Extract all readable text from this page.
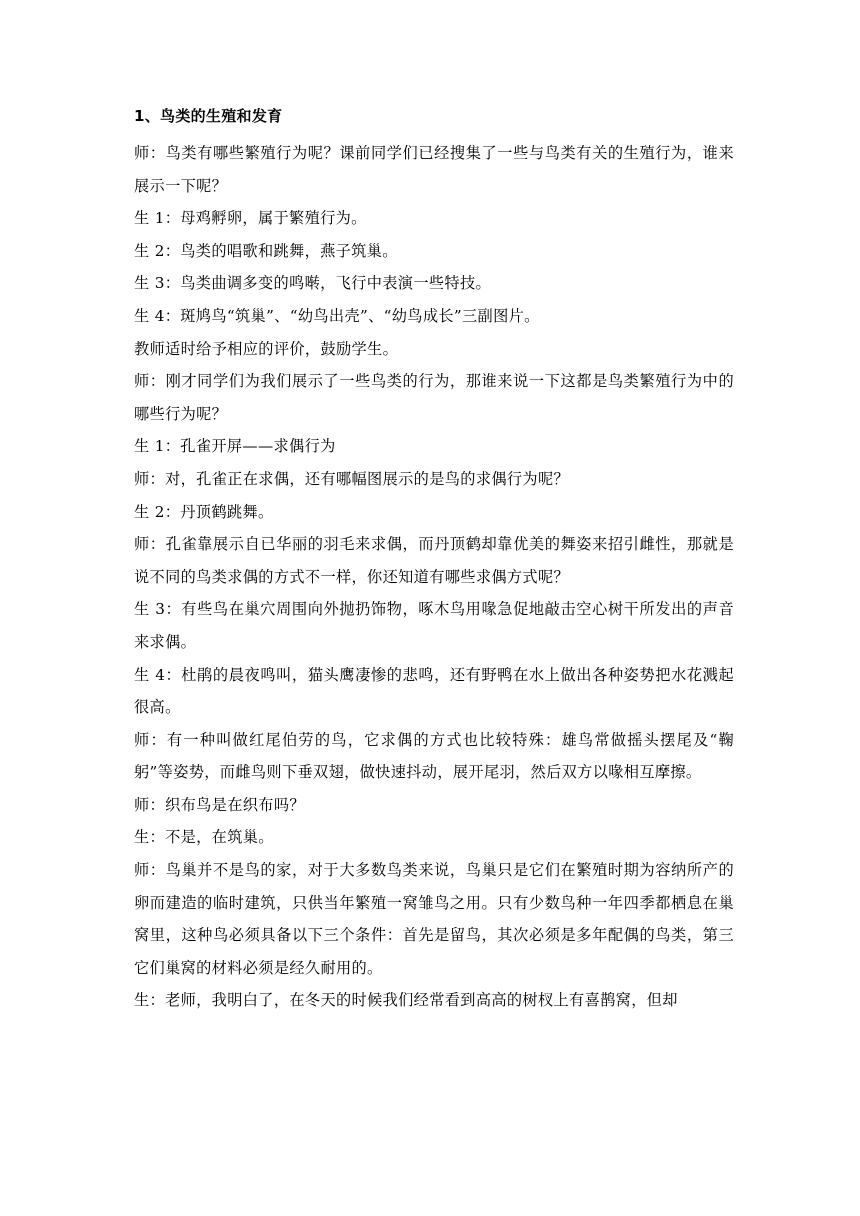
1、鸟类的生殖和发育

师：鸟类有哪些繁殖行为呢？课前同学们已经搜集了一些与鸟类有关的生殖行为，谁来展示一下呢？

生 1：母鸡孵卵，属于繁殖行为。

生 2：鸟类的唱歌和跳舞，燕子筑巢。

生 3：鸟类曲调多变的鸣啭，飞行中表演一些特技。

生 4：斑鸠鸟“筑巢”、“幼鸟出壳”、“幼鸟成长”三副图片。

教师适时给予相应的评价，鼓励学生。

师：刚才同学们为我们展示了一些鸟类的行为，那谁来说一下这都是鸟类繁殖行为中的哪些行为呢？

生 1：孔雀开屏——求偶行为

师：对，孔雀正在求偶，还有哪幅图展示的是鸟的求偶行为呢？

生 2：丹顶鹤跳舞。

师：孔雀靠展示自已华丽的羽毛来求偶，而丹顶鹤却靠优美的舞姿来招引雌性，那就是说不同的鸟类求偶的方式不一样，你还知道有哪些求偶方式呢？

生 3：有些鸟在巢穴周围向外抛扔饰物，啄木鸟用喙急促地敲击空心树干所发出的声音来求偶。

生 4：杜鹃的晨夜鸣叫，猫头鹰凄惨的悲鸣，还有野鸭在水上做出各种姿势把水花溅起很高。

师：有一种叫做红尾伯劳的鸟，它求偶的方式也比较特殊：雄鸟常做摇头摆尾及“鞠躬”等姿势，而雌鸟则下垂双翅，做快速抖动，展开尾羽，然后双方以喙相互摩擦。

师：织布鸟是在织布吗？

生：不是，在筑巢。

师：鸟巢并不是鸟的家，对于大多数鸟类来说，鸟巢只是它们在繁殖时期为容纳所产的卵而建造的临时建筑，只供当年繁殖一窝雏鸟之用。只有少数鸟种一年四季都栖息在巢窝里，这种鸟必须具备以下三个条件：首先是留鸟，其次必须是多年配偶的鸟类，第三它们巢窝的材料必须是经久耐用的。

生：老师，我明白了，在冬天的时候我们经常看到高高的树杈上有喜鹊窝，但却
